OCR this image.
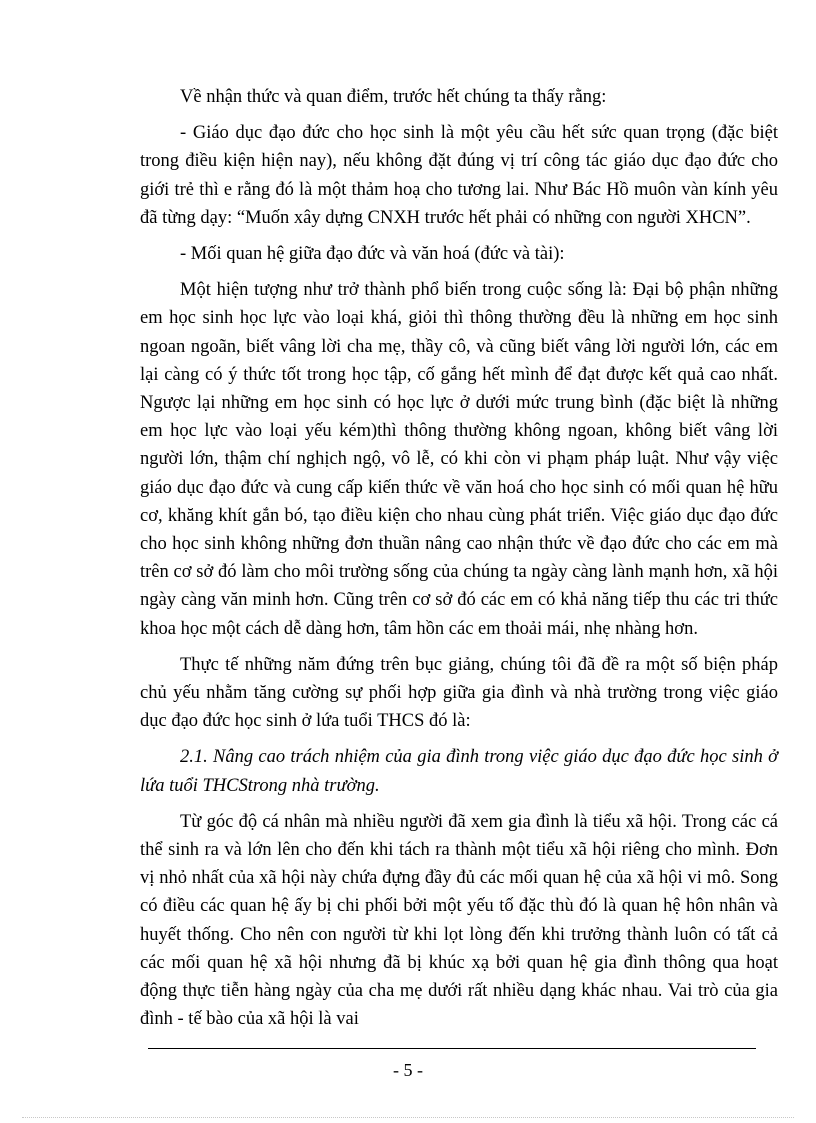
Về nhận thức và quan điểm, trước hết chúng ta thấy rằng:

- Giáo dục đạo đức cho học sinh là một yêu cầu hết sức quan trọng (đặc biệt trong điều kiện hiện nay), nếu không đặt đúng vị trí công tác giáo dục đạo đức cho giới trẻ thì e rằng đó là một thảm hoạ cho tương lai. Như Bác Hồ muôn vàn kính yêu đã từng dạy: “Muốn xây dựng CNXH trước hết phải có những con người XHCN”.

- Mối quan hệ giữa đạo đức và văn hoá (đức và tài):

Một hiện tượng như trở thành phổ biến trong cuộc sống là: Đại bộ phận những em học sinh học lực vào loại khá, giỏi thì thông thường đều là những em học sinh ngoan ngoãn, biết vâng lời cha mẹ, thầy cô, và cũng biết vâng lời người lớn, các em lại càng có ý thức tốt trong học tập, cố gắng hết mình để đạt được kết quả cao nhất. Ngược lại những em học sinh có học lực ở dưới mức trung bình (đặc biệt là những em học lực vào loại yếu kém)thì thông thường không ngoan, không biết vâng lời người lớn, thậm chí nghịch ngộ, vô lễ, có khi còn vi phạm pháp luật. Như vậy việc giáo dục đạo đức và cung cấp kiến thức về văn hoá cho học sinh có mối quan hệ hữu cơ, khăng khít gắn bó, tạo điều kiện cho nhau cùng phát triển. Việc giáo dục đạo đức cho học sinh không những đơn thuần nâng cao nhận thức về đạo đức cho các em mà trên cơ sở đó làm cho môi trường sống của chúng ta ngày càng lành mạnh hơn, xã hội ngày càng văn minh hơn. Cũng trên cơ sở đó các em có khả năng tiếp thu các tri thức khoa học một cách dễ dàng hơn, tâm hồn các em thoải mái, nhẹ nhàng hơn.

Thực tế những năm đứng trên bục giảng, chúng tôi đã đề ra một số biện pháp chủ yếu nhằm tăng cường sự phối hợp giữa gia đình và nhà trường trong việc giáo dục đạo đức học sinh ở lứa tuổi THCS đó là:

2.1. Nâng cao trách nhiệm của gia đình trong việc giáo dục đạo đức học sinh ở lứa tuổi THCStrong nhà trường.

Từ góc độ cá nhân mà nhiều người đã xem gia đình là tiểu xã hội. Trong các cá thể sinh ra và lớn lên cho đến khi tách ra thành một tiểu xã hội riêng cho mình. Đơn vị nhỏ nhất của xã hội này chứa đựng đầy đủ các mối quan hệ của xã hội vi mô. Song có điều các quan hệ ấy bị chi phối bởi một yếu tố đặc thù đó là quan hệ hôn nhân và huyết thống. Cho nên con người từ khi lọt lòng đến khi trưởng thành luôn có tất cả các mối quan hệ xã hội nhưng đã bị khúc xạ bởi quan hệ gia đình thông qua hoạt động thực tiễn hàng ngày của cha mẹ dưới rất nhiều dạng khác nhau. Vai trò của gia đình - tế bào của xã hội là vai

- 5 -
